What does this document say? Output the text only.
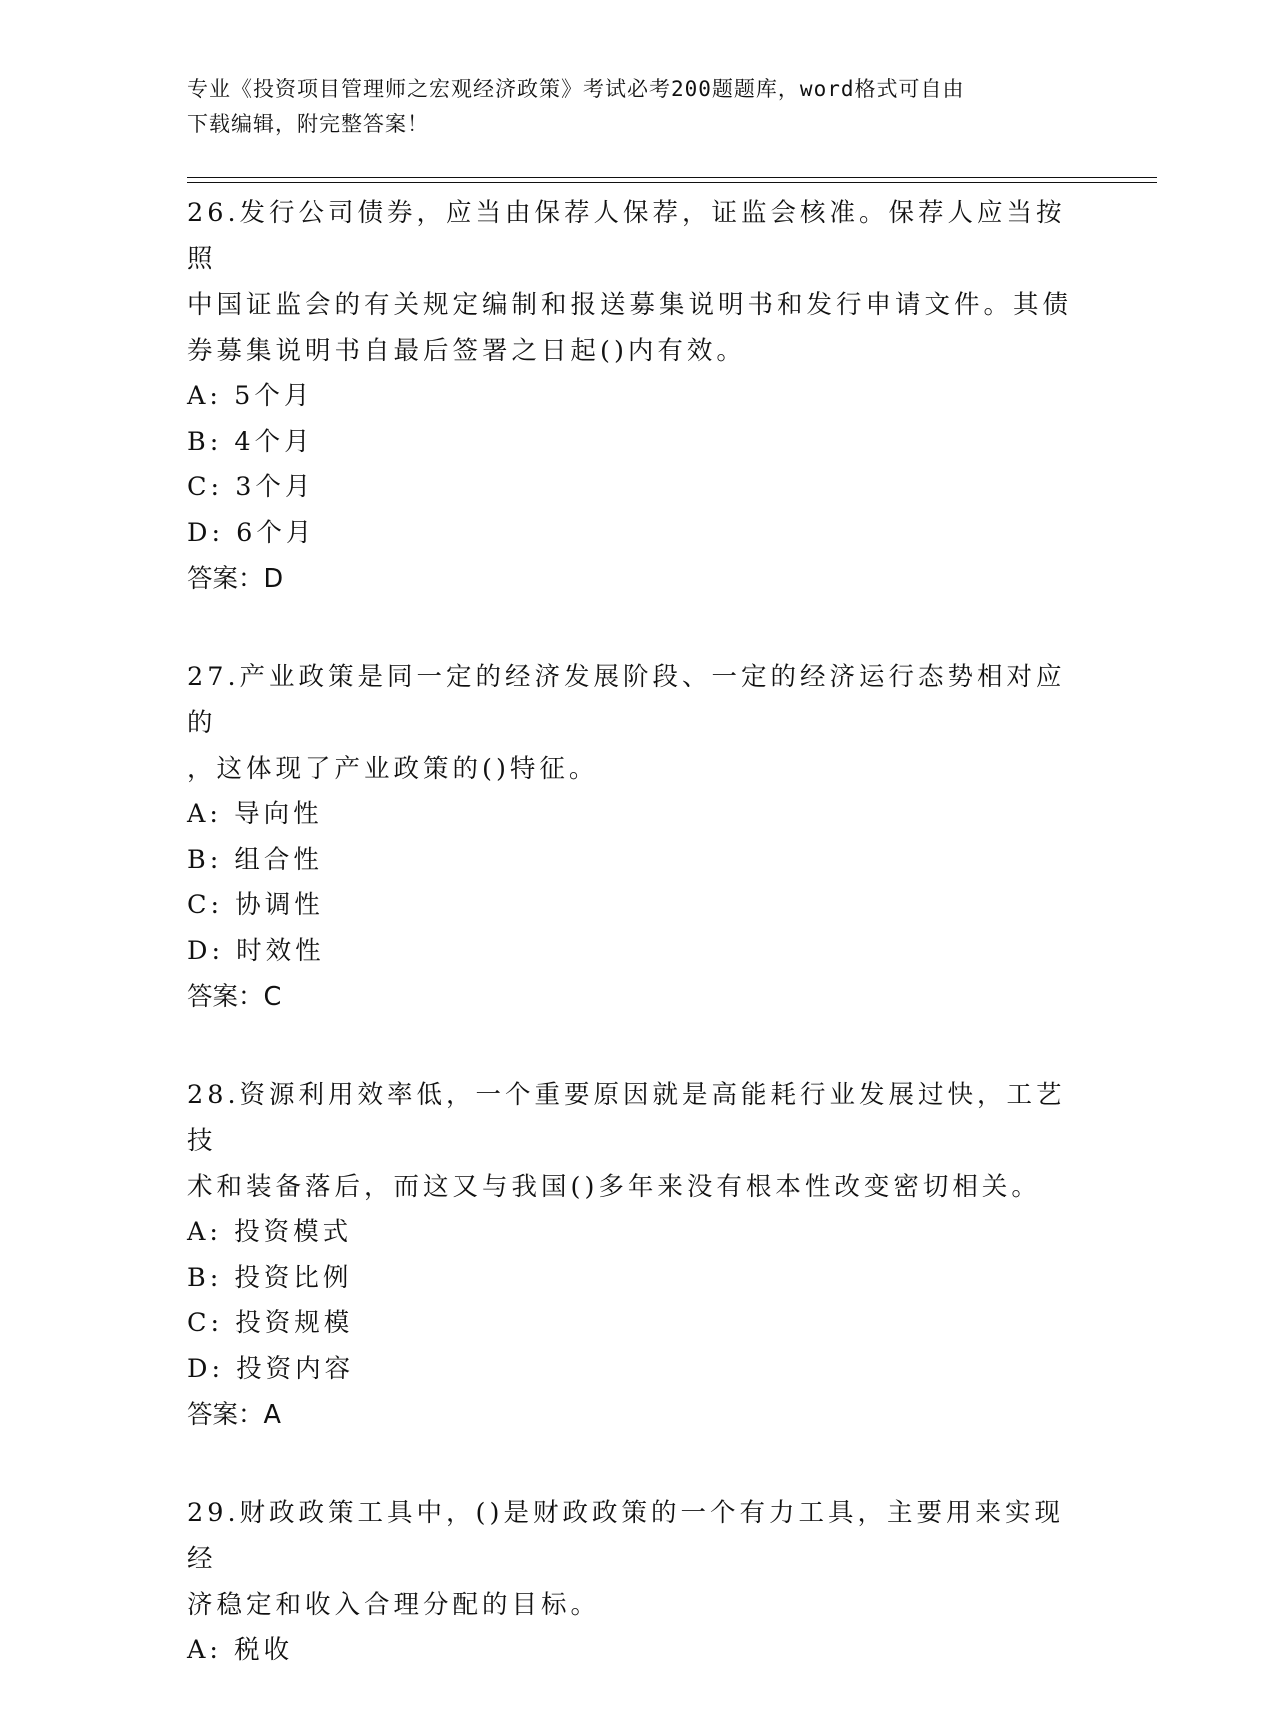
专业《投资项目管理师之宏观经济政策》考试必考200题题库，word格式可自由
下载编辑，附完整答案！

26.发行公司债券，应当由保荐人保荐，证监会核准。保荐人应当按照

中国证监会的有关规定编制和报送募集说明书和发行申请文件。其债

券募集说明书自最后签署之日起()内有效。

A: 5个月

B: 4个月

C: 3个月

D: 6个月

答案：D

27.产业政策是同一定的经济发展阶段、一定的经济运行态势相对应的

，这体现了产业政策的()特征。

A: 导向性

B: 组合性

C: 协调性

D: 时效性

答案：C

28.资源利用效率低，一个重要原因就是高能耗行业发展过快，工艺技

术和装备落后，而这又与我国()多年来没有根本性改变密切相关。

A: 投资模式

B: 投资比例

C: 投资规模

D: 投资内容

答案：A

29.财政政策工具中，()是财政政策的一个有力工具，主要用来实现经

济稳定和收入合理分配的目标。

A: 税收
